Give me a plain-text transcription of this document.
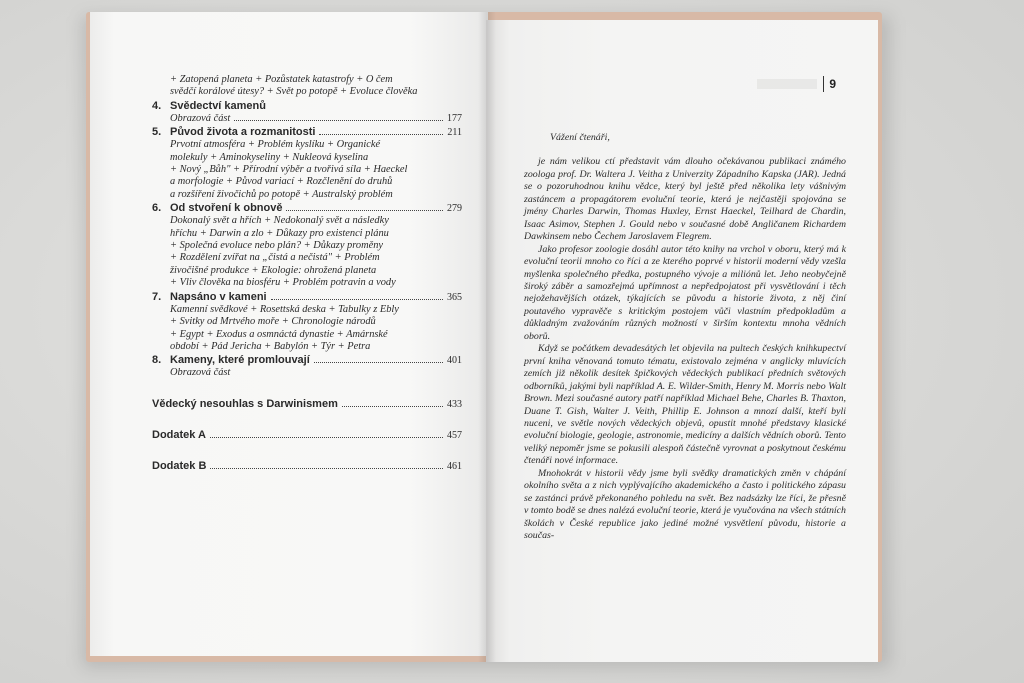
+ Zatopená planeta + Pozůstatek katastrofy + O čem
svědčí korálové útesy? + Svět po potopě + Evoluce člověka
4. Svědectví kamenů
Obrazová část	177
5. Původ života a rozmanitosti	211
Prvotní atmosféra + Problém kyslíku + Organické
molekuly + Aminokyseliny + Nukleová kyselina
+ Nový „Bůh" + Přírodní výběr a tvořivá síla + Haeckel
a morfologie + Původ variací + Rozčlenění do druhů
a rozšíření živočichů po potopě + Australský problém
6. Od stvoření k obnově	279
Dokonalý svět a hřích + Nedokonalý svět a následky
hříchu + Darwin a zlo + Důkazy pro existenci plánu
+ Společná evoluce nebo plán? + Důkazy proměny
+ Rozdělení zvířat na „čistá a nečistá" + Problém
živočišné produkce + Ekologie: ohrožená planeta
+ Vliv člověka na biosféru + Problém potravin a vody
7. Napsáno v kameni	365
Kamenní svědkové + Rosettská deska + Tabulky z Ebly
+ Svitky od Mrtvého moře + Chronologie národů
+ Egypt + Exodus a osmnáctá dynastie + Amárnské
období + Pád Jericha + Babylón + Týr + Petra
8. Kameny, které promlouvají	401
Obrazová část
Vědecký nesouhlas s Darwinismem	433
Dodatek A	457
Dodatek B	461
9
Vážení čtenáři,

je nám velikou ctí představit vám dlouho očekávanou publikaci známého zoologa prof. Dr. Waltera J. Veitha z Univerzity Západního Kapska (JAR). Jedná se o pozoruhodnou knihu vědce, který byl ještě před několika lety vášnivým zastáncem a propagátorem evoluční teorie, která je nejčastěji spojována se jmény Charles Darwin, Thomas Huxley, Ernst Haeckel, Teilhard de Chardin, Isaac Asimov, Stephen J. Gould nebo v současné době Angličanem Richardem Dawkinsem nebo Čechem Jaroslavem Flegrem.

Jako profesor zoologie dosáhl autor této knihy na vrchol v oboru, který má k evoluční teorii mnoho co říci a ze kterého poprvé v historii moderní vědy vzešla myšlenka společného předka, postupného vývoje a miliónů let. Jeho neobyčejně široký záběr a samozřejmá upřímnost a nepředpojatost při vysvětlování i těch nejožehavějších otázek, týkajících se původu a historie života, z něj činí poutavého vypravěče s kritickým postojem vůči vlastním předpokladům a důkladným zvažováním různých možností v širším kontextu mnoha vědních oborů.

Když se počátkem devadesátých let objevila na pultech českých knihkupectví první kniha věnovaná tomuto tématu, existovalo zejména v anglicky mluvících zemích již několik desítek špičkových vědeckých publikací předních světových odborníků, jakými byli například A. E. Wilder-Smith, Henry M. Morris nebo Walt Brown. Mezi současné autory patří například Michael Behe, Charles B. Thaxton, Duane T. Gish, Walter J. Veith, Phillip E. Johnson a mnozí další, kteří byli nuceni, ve světle nových vědeckých objevů, opustit mnohé představy klasické evoluční biologie, geologie, astronomie, medicíny a dalších vědních oborů. Tento veliký nepoměr jsme se pokusili alespoň částečně vyrovnat a poskytnout českému čtenáři nové informace.

Mnohokrát v historii vědy jsme byli svědky dramatických změn v chápání okolního světa a z nich vyplývajícího akademického a často i politického zápasu se zastánci právě překonaného pohledu na svět. Bez nadsázky lze říci, že přesně v tomto bodě se dnes nalézá evoluční teorie, která je vyučována na všech státních školách v České republice jako jediné možné vysvětlení původu, historie a součas-
